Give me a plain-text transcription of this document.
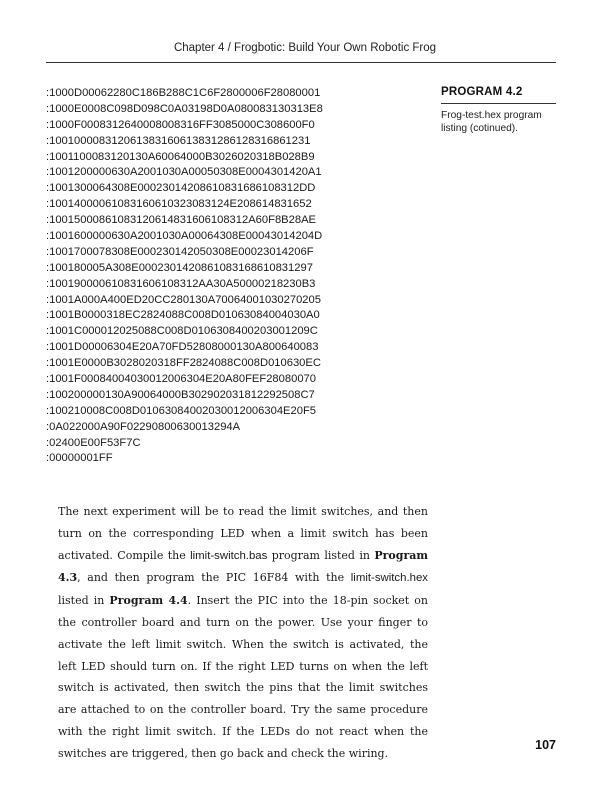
Chapter 4 / Frogbotic: Build Your Own Robotic Frog
:1000D00062280C186B288C1C6F2800006F28080001
:1000E0008C098D098C0A03198D0A080083130313E8
:1000F0008312640008008316FF3085000C308600F0
:100100008312061383160613831286128316861231
:1001100083120130A60064000B3026020318B028B9
:1001200000630A2001030A00050308E0004301420A1
:1001300064308E00023014208610831686108312DD
:10014000061083160610323083124E208614831652
:10015000861083120614831606108312A60F8B28AE
:1001600000630A2001030A00064308E00043014204D
:1001700078308E000230142050308E00023014206F
:100180005A308E0002301420861083168610831297
:100190000610831606108312AA30A50000218230B3
:1001A000A400ED20CC280130A70064001030270205
:1001B0000318EC2824088C008D01063084004030A0
:1001C000012025088C008D0106308400203001209C
:1001D00006304E20A70FD52808000130A800640083
:1001E0000B3028020318FF2824088C008D010630EC
:1001F00084004030012006304E20A80FEF28080070
:100200000130A90064000B302902031812292508C7
:100210008C008D01063084002030012006304E20F5
:0A022000A90F02290800630013294A
:02400E00F53F7C
:00000001FF
PROGRAM 4.2
Frog-test.hex program listing (cotinued).

The next experiment will be to read the limit switches, and then turn on the corresponding LED when a limit switch has been activated. Compile the limit-switch.bas program listed in Program 4.3, and then program the PIC 16F84 with the limit-switch.hex listed in Program 4.4. Insert the PIC into the 18-pin socket on the controller board and turn on the power. Use your finger to activate the left limit switch. When the switch is activated, the left LED should turn on. If the right LED turns on when the left switch is activated, then switch the pins that the limit switches are attached to on the controller board. Try the same procedure with the right limit switch. If the LEDs do not react when the switches are triggered, then go back and check the wiring.

107
